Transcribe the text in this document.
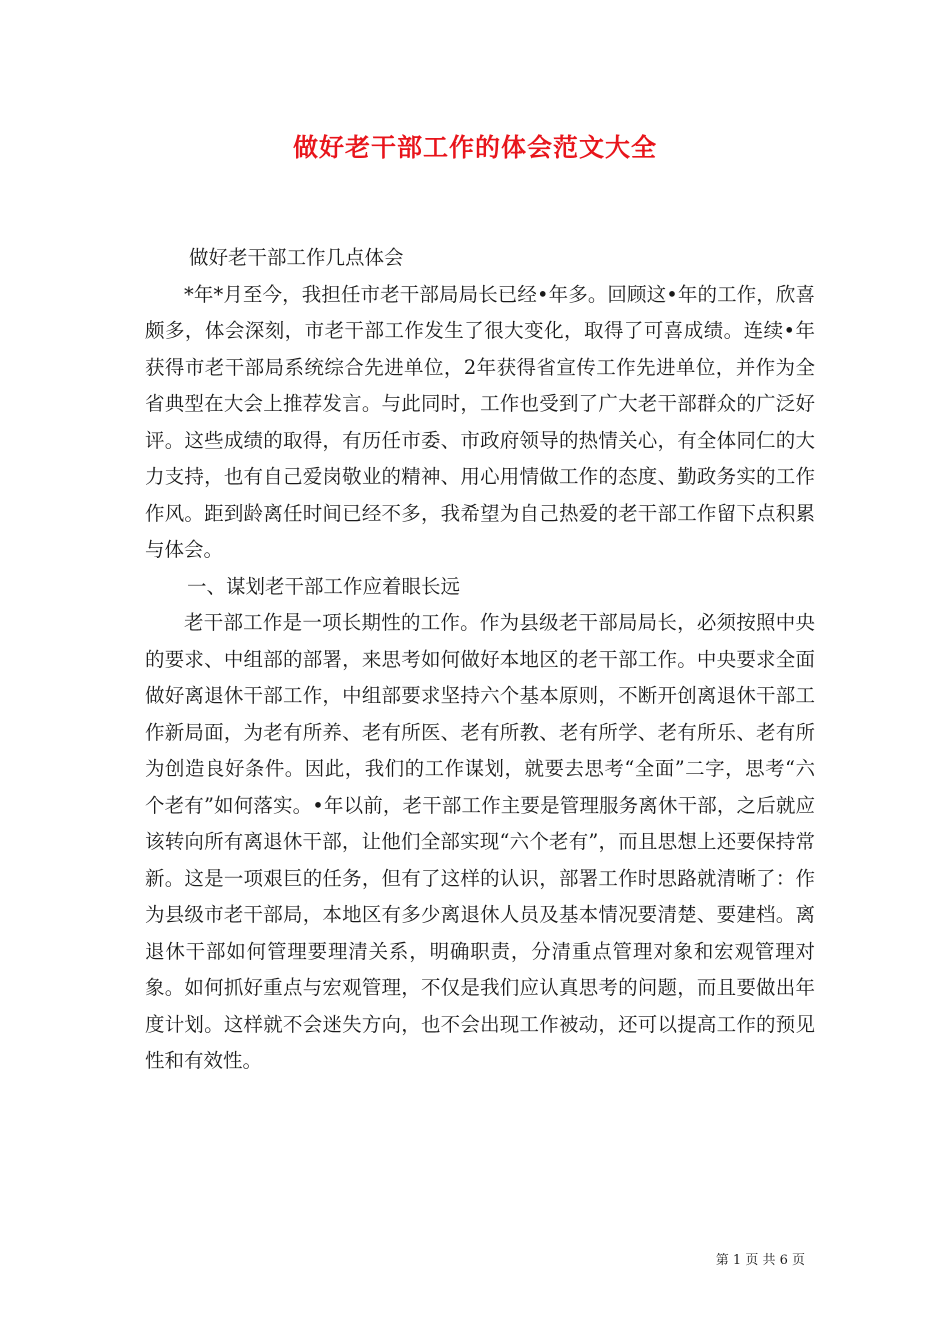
做好老干部工作的体会范文大全

做好老干部工作几点体会

*年*月至今，我担任市老干部局局长已经•年多。回顾这•年的工作，欣喜颇多，体会深刻，市老干部工作发生了很大变化，取得了可喜成绩。连续•年获得市老干部局系统综合先进单位，2年获得省宣传工作先进单位，并作为全省典型在大会上推荐发言。与此同时，工作也受到了广大老干部群众的广泛好评。这些成绩的取得，有历任市委、市政府领导的热情关心，有全体同仁的大力支持，也有自己爱岗敬业的精神、用心用情做工作的态度、勤政务实的工作作风。距到龄离任时间已经不多，我希望为自己热爱的老干部工作留下点积累与体会。

一、谋划老干部工作应着眼长远

老干部工作是一项长期性的工作。作为县级老干部局局长，必须按照中央的要求、中组部的部署，来思考如何做好本地区的老干部工作。中央要求全面做好离退休干部工作，中组部要求坚持六个基本原则，不断开创离退休干部工作新局面，为老有所养、老有所医、老有所教、老有所学、老有所乐、老有所为创造良好条件。因此，我们的工作谋划，就要去思考“全面”二字，思考“六个老有”如何落实。•年以前，老干部工作主要是管理服务离休干部，之后就应该转向所有离退休干部，让他们全部实现“六个老有”，而且思想上还要保持常新。这是一项艰巨的任务，但有了这样的认识，部署工作时思路就清晰了：作为县级市老干部局，本地区有多少离退休人员及基本情况要清楚、要建档。离退休干部如何管理要理清关系，明确职责，分清重点管理对象和宏观管理对象。如何抓好重点与宏观管理，不仅是我们应认真思考的问题，而且要做出年度计划。这样就不会迷失方向，也不会出现工作被动，还可以提高工作的预见性和有效性。

第 1 页 共 6 页
